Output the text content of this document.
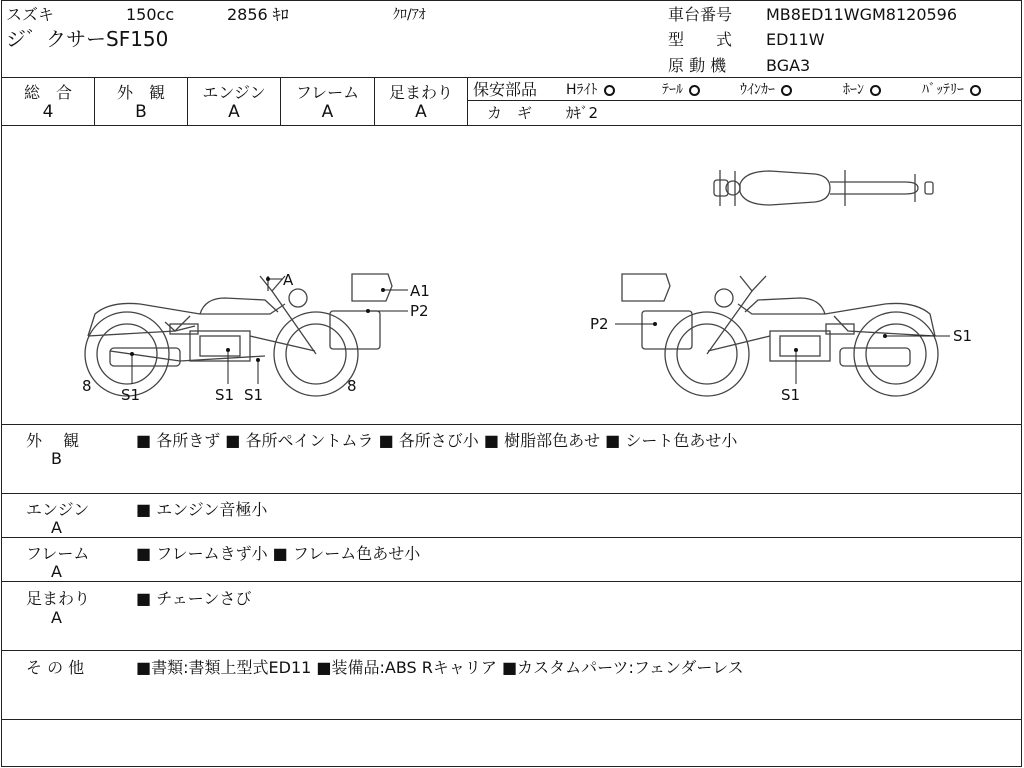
スズキ	150cc	2856 ｷﾛ	ｸﾛ/ｱｵ
ジ゛クサーSF150
車台番号 MB8ED11WGM8120596
型　　式 ED11W
原 動 機 BGA3
総　合
4
外　観
B
エンジン
A
フレーム
A
足まわり
A
保安部品 Hﾗｲﾄ	ﾃｰﾙ	ｳｲﾝｶｰ	ﾎｰﾝ	ﾊﾞｯﾃﾘｰ
カ　ギ ｶｷﾞ2
A
A1
P2
S1	S1 S1
8	8
P2
S1
S1
外　 観
B
■ 各所きず ■ 各所ペイントムラ ■ 各所さび小 ■ 樹脂部色あせ ■ シート色あせ小
エンジン
A
■ エンジン音極小
フレーム
A
■ フレームきず小 ■ フレーム色あせ小
足まわり
A
■ チェーンさび
そ の 他	■書類:書類上型式ED11 ■装備品:ABS Rキャリア ■カスタムパーツ:フェンダーレス
